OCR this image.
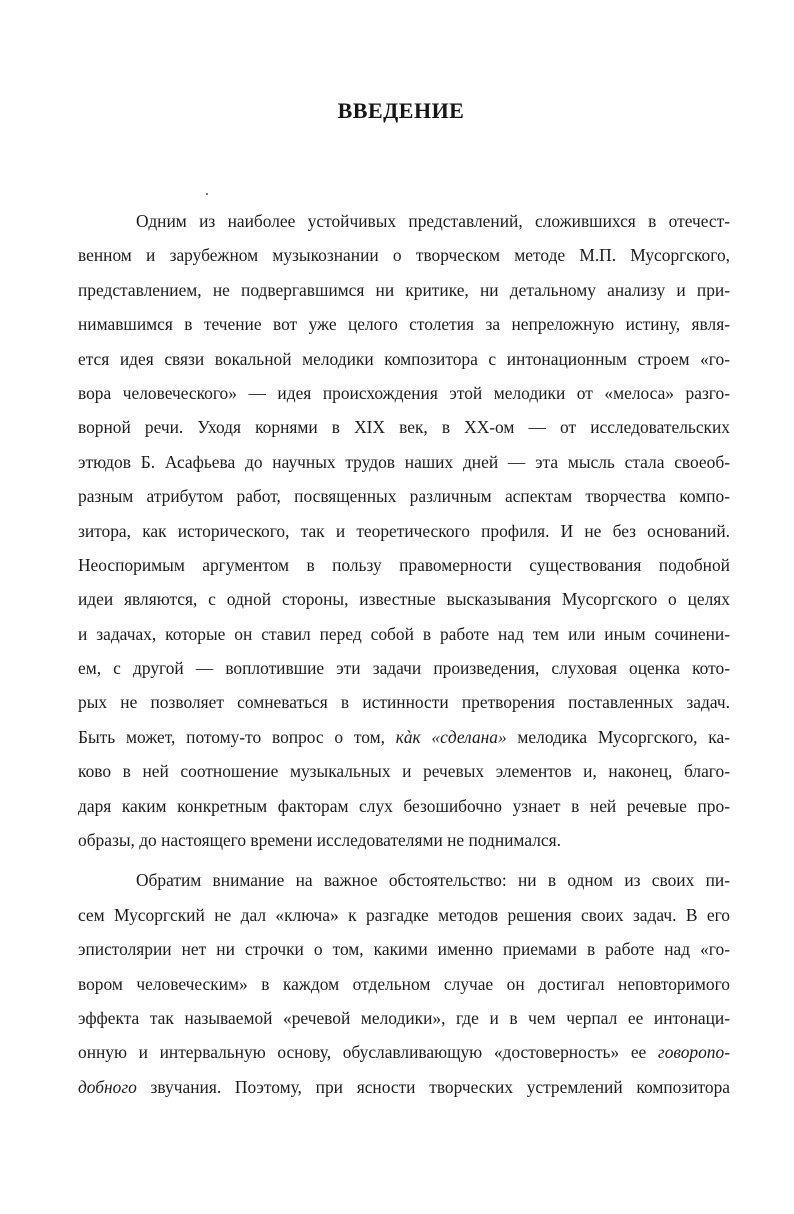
ВВЕДЕНИЕ
Одним из наиболее устойчивых представлений, сложившихся в отечест-
венном и зарубежном музыкознании о творческом методе М.П. Мусоргского,
представлением, не подвергавшимся ни критике, ни детальному анализу и при-
нимавшимся в течение вот уже целого столетия за непреложную истину, явля-
ется идея связи вокальной мелодики композитора с интонационным строем «го-
вора человеческого» — идея происхождения этой мелодики от «мелоса» разго-
ворной речи. Уходя корнями в XIX век, в XX-ом — от исследовательских
этюдов Б. Асафьева до научных трудов наших дней — эта мысль стала своеоб-
разным атрибутом работ, посвященных различным аспектам творчества компо-
зитора, как исторического, так и теоретического профиля. И не без оснований.
Неоспоримым аргументом в пользу правомерности существования подобной
идеи являются, с одной стороны, известные высказывания Мусоргского о целях
и задачах, которые он ставил перед собой в работе над тем или иным сочинени-
ем, с другой — воплотившие эти задачи произведения, слуховая оценка кото-
рых не позволяет сомневаться в истинности претворения поставленных задач.
Быть может, потому-то вопрос о том, кàк «сделана» мелодика Мусоргского, ка-
ково в ней соотношение музыкальных и речевых элементов и, наконец, благо-
даря каким конкретным факторам слух безошибочно узнает в ней речевые про-
образы, до настоящего времени исследователями не поднимался.
Обратим внимание на важное обстоятельство: ни в одном из своих пи-
сем Мусоргский не дал «ключа» к разгадке методов решения своих задач. В его
эпистолярии нет ни строчки о том, какими именно приемами в работе над «го-
вором человеческим» в каждом отдельном случае он достигал неповторимого
эффекта так называемой «речевой мелодики», где и в чем черпал ее интонаци-
онную и интервальную основу, обуславливающую «достоверность» ее говоропо-
добного звучания. Поэтому, при ясности творческих устремлений композитора
